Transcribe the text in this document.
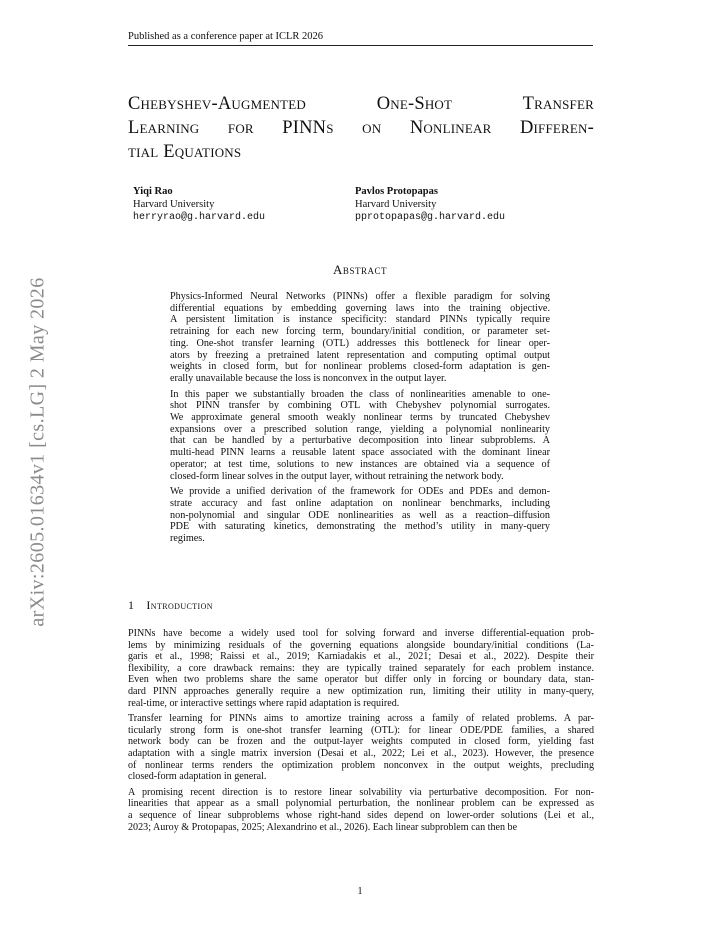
Published as a conference paper at ICLR 2026
arXiv:2605.01634v1 [cs.LG] 2 May 2026
Chebyshev-Augmented One-Shot Transfer
Learning for PINNs on Nonlinear Differen-
tial Equations
Yiqi Rao
Harvard University
herryrao@g.harvard.edu
Pavlos Protopapas
Harvard University
pprotopapas@g.harvard.edu
Abstract

Physics-Informed Neural Networks (PINNs) offer a flexible paradigm for solving
differential equations by embedding governing laws into the training objective.
A persistent limitation is instance specificity: standard PINNs typically require
retraining for each new forcing term, boundary/initial condition, or parameter set-
ting. One-shot transfer learning (OTL) addresses this bottleneck for linear oper-
ators by freezing a pretrained latent representation and computing optimal output
weights in closed form, but for nonlinear problems closed-form adaptation is gen-
erally unavailable because the loss is nonconvex in the output layer.

In this paper we substantially broaden the class of nonlinearities amenable to one-
shot PINN transfer by combining OTL with Chebyshev polynomial surrogates.
We approximate general smooth weakly nonlinear terms by truncated Chebyshev
expansions over a prescribed solution range, yielding a polynomial nonlinearity
that can be handled by a perturbative decomposition into linear subproblems. A
multi-head PINN learns a reusable latent space associated with the dominant linear
operator; at test time, solutions to new instances are obtained via a sequence of
closed-form linear solves in the output layer, without retraining the network body.

We provide a unified derivation of the framework for ODEs and PDEs and demon-
strate accuracy and fast online adaptation on nonlinear benchmarks, including
non-polynomial and singular ODE nonlinearities as well as a reaction–diffusion
PDE with saturating kinetics, demonstrating the method’s utility in many-query
regimes.

1 Introduction

PINNs have become a widely used tool for solving forward and inverse differential-equation prob-
lems by minimizing residuals of the governing equations alongside boundary/initial conditions (La-
garis et al., 1998; Raissi et al., 2019; Karniadakis et al., 2021; Desai et al., 2022). Despite their
flexibility, a core drawback remains: they are typically trained separately for each problem instance.
Even when two problems share the same operator but differ only in forcing or boundary data, stan-
dard PINN approaches generally require a new optimization run, limiting their utility in many-query,
real-time, or interactive settings where rapid adaptation is required.

Transfer learning for PINNs aims to amortize training across a family of related problems. A par-
ticularly strong form is one-shot transfer learning (OTL): for linear ODE/PDE families, a shared
network body can be frozen and the output-layer weights computed in closed form, yielding fast
adaptation with a single matrix inversion (Desai et al., 2022; Lei et al., 2023). However, the presence
of nonlinear terms renders the optimization problem nonconvex in the output weights, precluding
closed-form adaptation in general.

A promising recent direction is to restore linear solvability via perturbative decomposition. For non-
linearities that appear as a small polynomial perturbation, the nonlinear problem can be expressed as
a sequence of linear subproblems whose right-hand sides depend on lower-order solutions (Lei et al.,
2023; Auroy & Protopapas, 2025; Alexandrino et al., 2026). Each linear subproblem can then be

1
